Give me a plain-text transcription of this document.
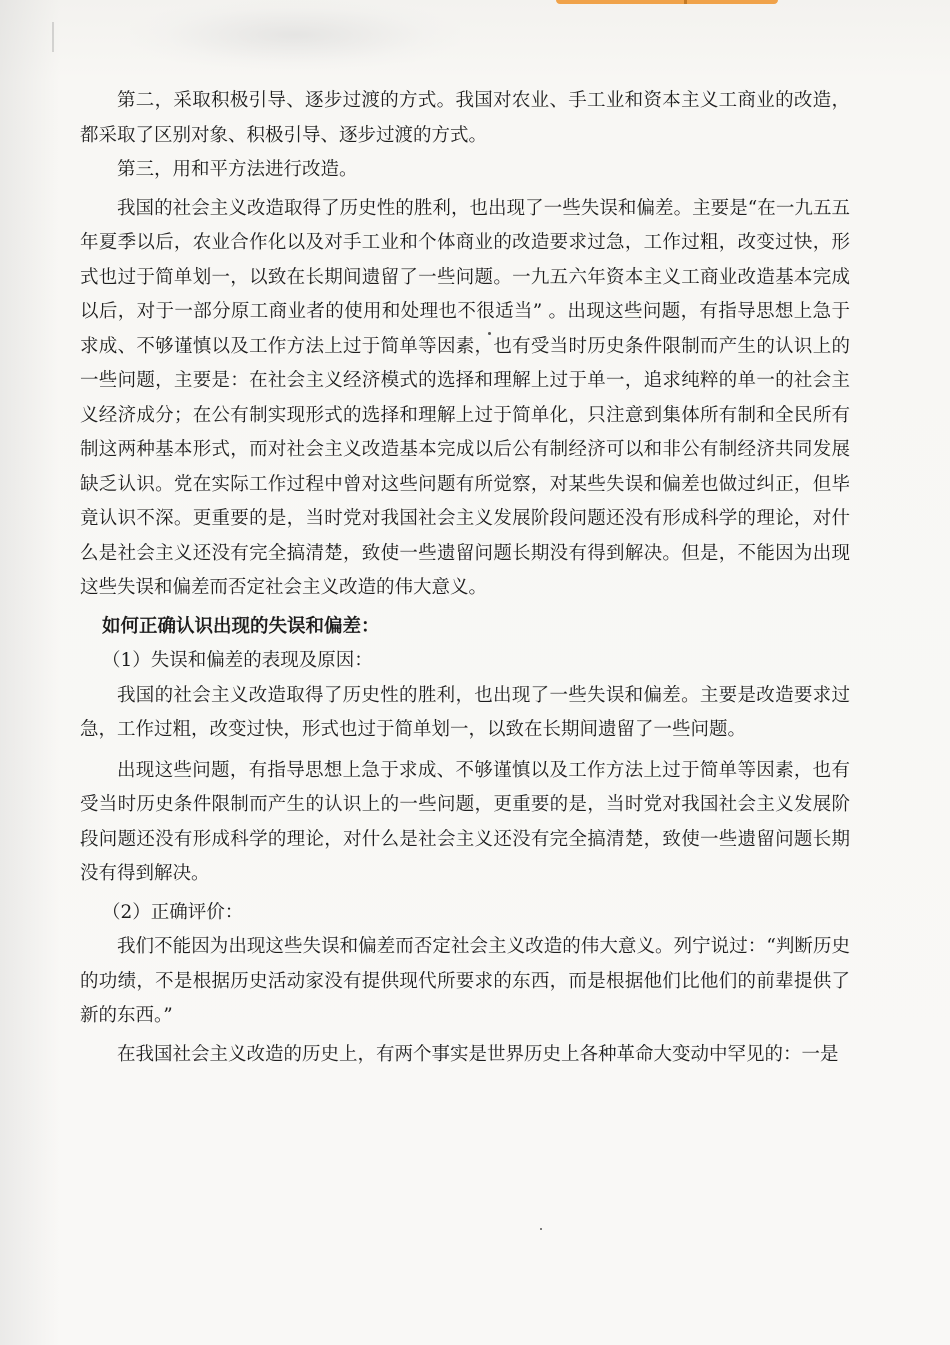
第二，采取积极引导、逐步过渡的方式。我国对农业、手工业和资本主义工商业的改造，都采取了区别对象、积极引导、逐步过渡的方式。

第三，用和平方法进行改造。

我国的社会主义改造取得了历史性的胜利，也出现了一些失误和偏差。主要是“在一九五五年夏季以后，农业合作化以及对手工业和个体商业的改造要求过急，工作过粗，改变过快，形式也过于简单划一，以致在长期间遗留了一些问题。一九五六年资本主义工商业改造基本完成以后，对于一部分原工商业者的使用和处理也不很适当” 。出现这些问题，有指导思想上急于求成、不够谨慎以及工作方法上过于简单等因素，也有受当时历史条件限制而产生的认识上的一些问题，主要是：在社会主义经济模式的选择和理解上过于单一，追求纯粹的单一的社会主义经济成分；在公有制实现形式的选择和理解上过于简单化，只注意到集体所有制和全民所有制这两种基本形式，而对社会主义改造基本完成以后公有制经济可以和非公有制经济共同发展缺乏认识。党在实际工作过程中曾对这些问题有所觉察，对某些失误和偏差也做过纠正，但毕竟认识不深。更重要的是，当时党对我国社会主义发展阶段问题还没有形成科学的理论，对什么是社会主义还没有完全搞清楚，致使一些遗留问题长期没有得到解决。但是，不能因为出现这些失误和偏差而否定社会主义改造的伟大意义。

如何正确认识出现的失误和偏差：

（1）失误和偏差的表现及原因：

我国的社会主义改造取得了历史性的胜利，也出现了一些失误和偏差。主要是改造要求过急，工作过粗，改变过快，形式也过于简单划一，以致在长期间遗留了一些问题。

出现这些问题，有指导思想上急于求成、不够谨慎以及工作方法上过于简单等因素，也有受当时历史条件限制而产生的认识上的一些问题，更重要的是，当时党对我国社会主义发展阶段问题还没有形成科学的理论，对什么是社会主义还没有完全搞清楚，致使一些遗留问题长期没有得到解决。

（2）正确评价：

我们不能因为出现这些失误和偏差而否定社会主义改造的伟大意义。列宁说过：“判断历史的功绩，不是根据历史活动家没有提供现代所要求的东西，而是根据他们比他们的前辈提供了新的东西。”

在我国社会主义改造的历史上，有两个事实是世界历史上各种革命大变动中罕见的：一是
